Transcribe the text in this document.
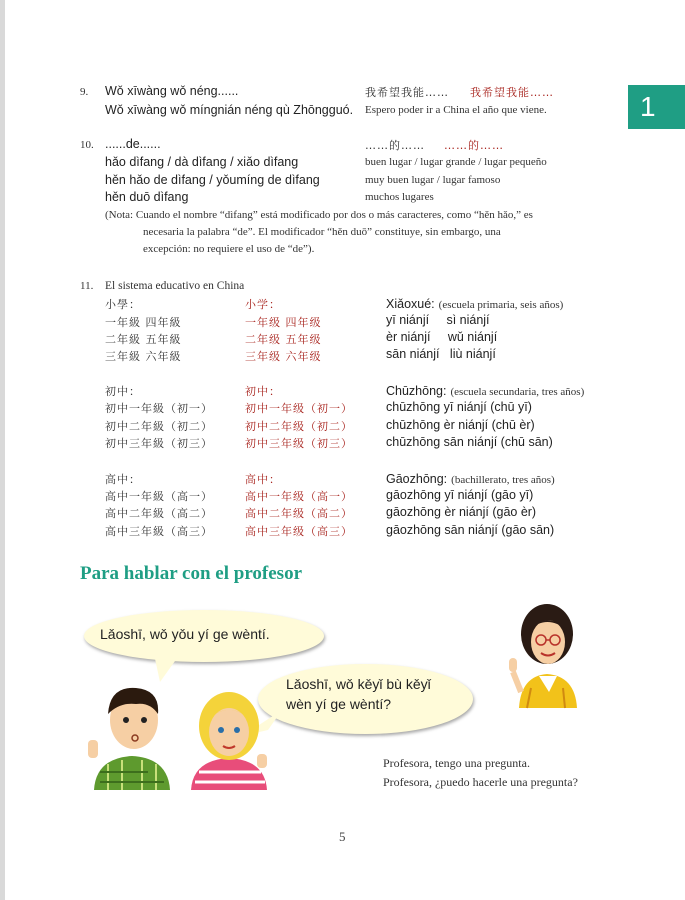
1
9. Wǒ xīwàng wǒ néng......	我希望我能…… 我希望我能……
Wǒ xīwàng wǒ míngnián néng qù Zhōngguó. Espero poder ir a China el año que viene.
10. ......de......	……的…… ……的……
hǎo dìfang / dà dìfang / xiǎo dìfang	buen lugar / lugar grande / lugar pequeño
hěn hǎo de dìfang / yǒumíng de dìfang	muy buen lugar / lugar famoso
hěn duō dìfang	muchos lugares
(Nota: Cuando el nombre “dìfang” está modificado por dos o más caracteres, como “hěn hǎo,” es
necesaria la palabra “de”. El modificador “hěn duō” constituye, sin embargo, una
excepción: no requiere el uso de “de”).
11. El sistema educativo en China
小學：	小学：	Xiǎoxué: (escuela primaria, seis años)
一年級 四年級	一年级 四年级	yī niánjí     sì niánjí
二年級 五年級	二年级 五年级	èr niánjí     wǔ niánjí
三年級 六年級	三年级 六年级	sān niánjí   liù niánjí
初中：	初中：	Chūzhōng: (escuela secundaria, tres años)
初中一年級（初一）	初中一年级（初一）	chūzhōng yī niánjí (chū yī)
初中二年級（初二）	初中二年级（初二）	chūzhōng èr niánjí (chū èr)
初中三年級（初三）	初中三年级（初三）	chūzhōng sān niánjí (chū sān)
高中：	高中：	Gāozhōng: (bachillerato, tres años)
高中一年級（高一）	高中一年级（高一）	gāozhōng yī niánjí (gāo yī)
高中二年級（高二）	高中二年级（高二）	gāozhōng èr niánjí (gāo èr)
高中三年級（高三）	高中三年级（高三）	gāozhōng sān niánjí (gāo sān)
Para hablar con el profesor
Lǎoshī, wǒ yǒu yí ge wèntí.
Lǎoshī, wǒ kěyǐ bù kěyǐ
wèn yí ge wèntí?
Profesora, tengo una pregunta.
Profesora, ¿puedo hacerle una pregunta?
5
